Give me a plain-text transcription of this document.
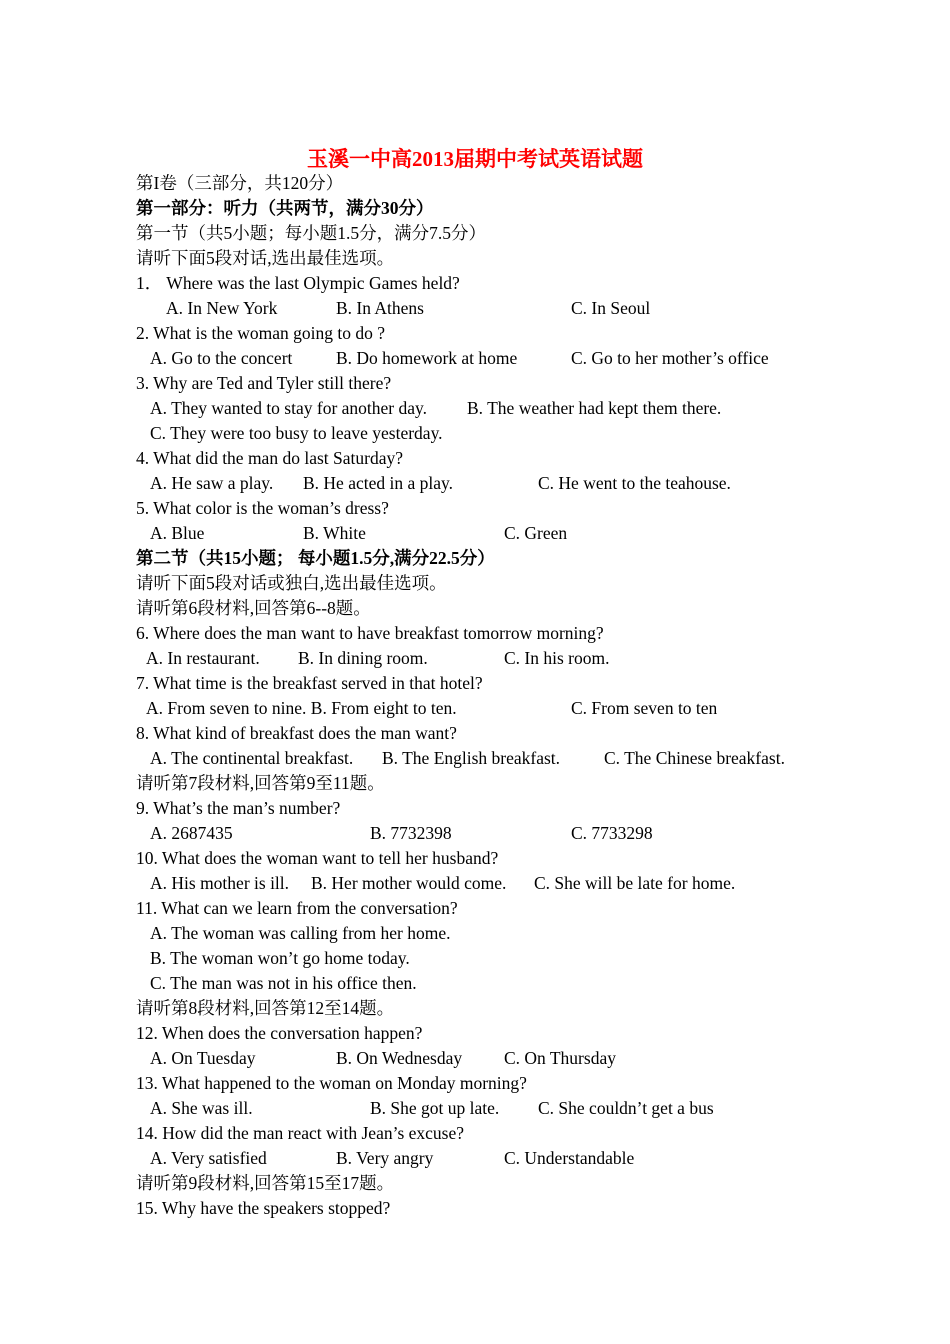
玉溪一中高2013届期中考试英语试题
第I卷（三部分，共120分）
第一部分：听力（共两节，满分30分）
第一节（共5小题；每小题1.5分，满分7.5分）
请听下面5段对话,选出最佳选项。
1． Where was the last Olympic Games held?
A. In New York	B. In Athens	C. In Seoul
2. What is the woman going to do ?
A. Go to the concert B. Do homework at home	C. Go to her mother’s office
3. Why are Ted and Tyler still there?
A. They wanted to stay for another day. B. The weather had kept them there.
C. They were too busy to leave yesterday.
4. What did the man do last Saturday?
A. He saw a play. B. He acted in a play.	C. He went to the teahouse.
5. What color is the woman’s dress?
A. Blue	B. White	C. Green
第二节（共15小题； 每小题1.5分,满分22.5分）
请听下面5段对话或独白,选出最佳选项。
请听第6段材料,回答第6--8题。
6. Where does the man want to have breakfast tomorrow morning?
A. In restaurant. B. In dining room.	C. In his room.
7. What time is the breakfast served in that hotel?
A. From seven to nine. B. From eight to ten.	C. From seven to ten
8. What kind of breakfast does the man want?
A. The continental breakfast. B. The English breakfast.	C. The Chinese breakfast.
请听第7段材料,回答第9至11题。
9. What’s the man’s number?
A. 2687435	B. 7732398	C. 7733298
10. What does the woman want to tell her husband?
A. His mother is ill. B. Her mother would come. C. She will be late for home.
11. What can we learn from the conversation?
A. The woman was calling from her home.
B. The woman won’t go home today.
C. The man was not in his office then.
请听第8段材料,回答第12至14题。
12. When does the conversation happen?
A. On Tuesday	B. On Wednesday C. On Thursday
13. What happened to the woman on Monday morning?
A. She was ill.	B. She got up late. C. She couldn’t get a bus
14. How did the man react with Jean’s excuse?
A. Very satisfied	B. Very angry	C. Understandable
请听第9段材料,回答第15至17题。
15. Why have the speakers stopped?
